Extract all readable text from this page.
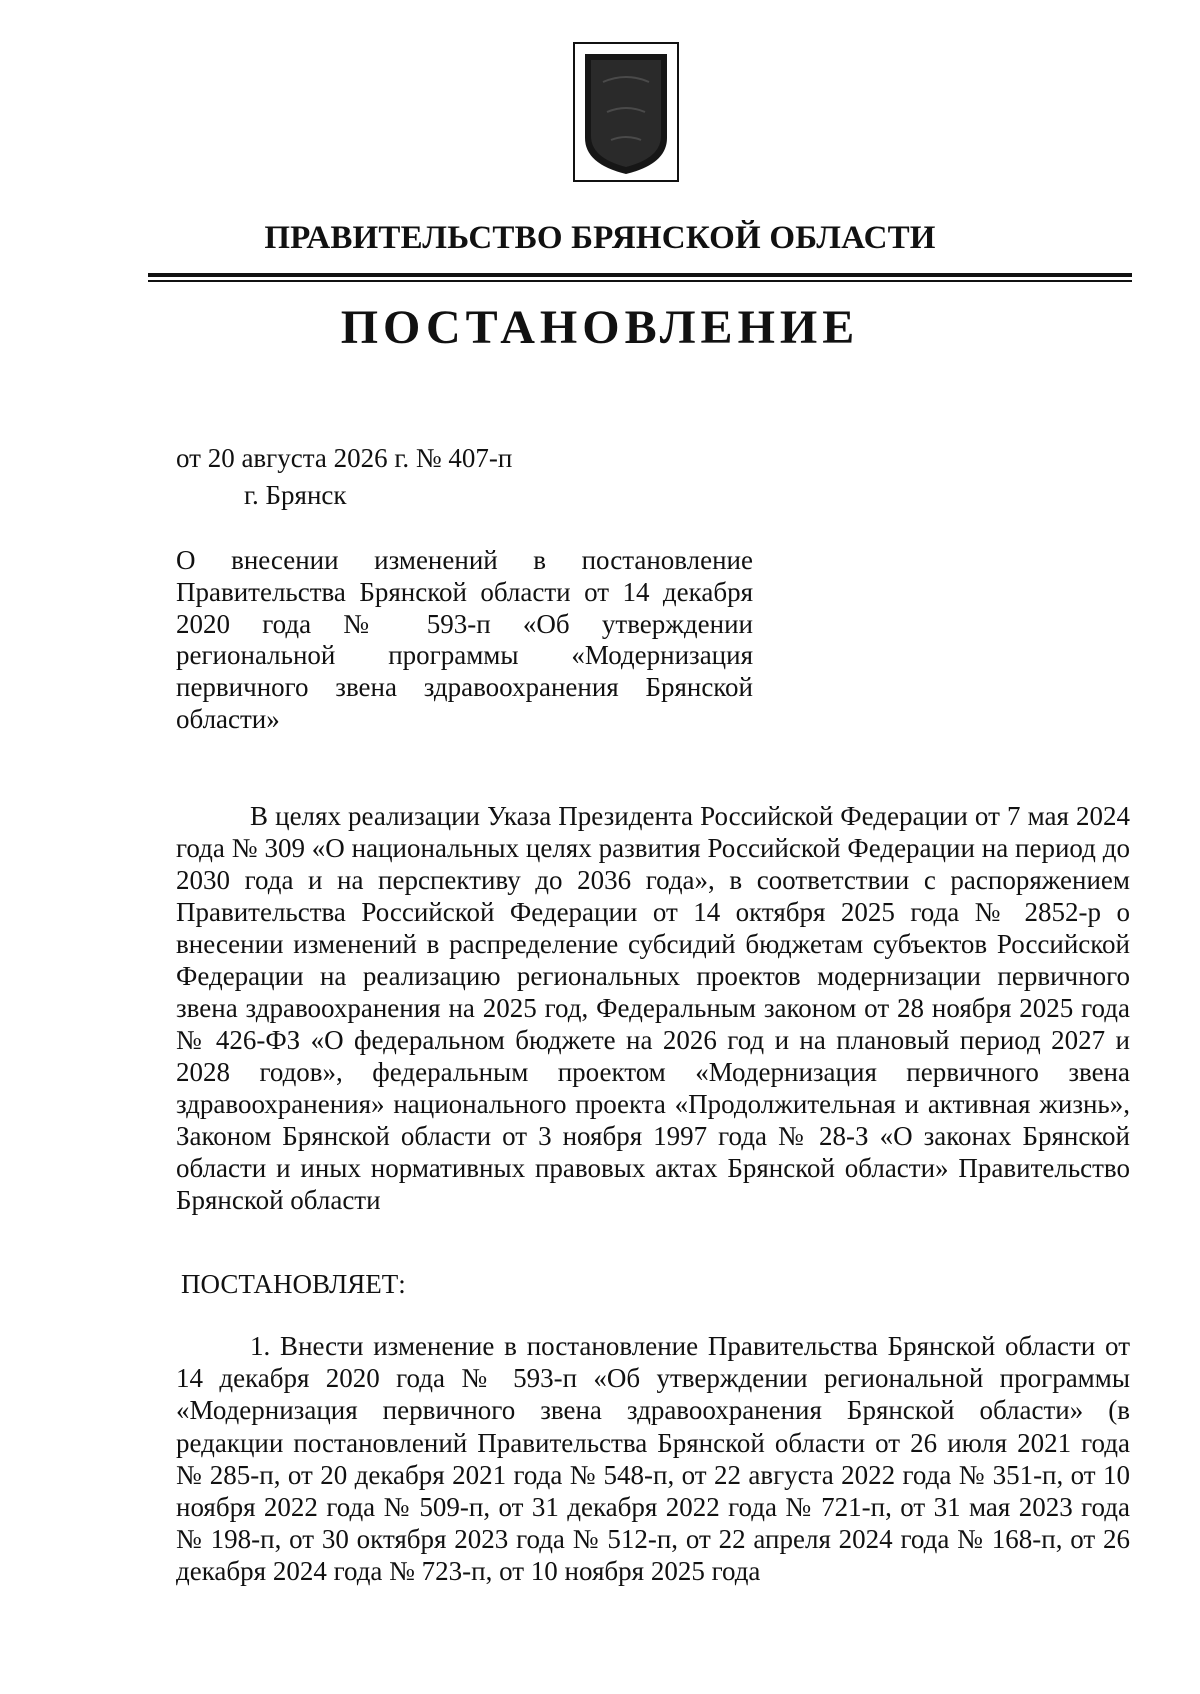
ПРАВИТЕЛЬСТВО БРЯНСКОЙ ОБЛАСТИ
ПОСТАНОВЛЕНИЕ
от 20 августа 2026 г. № 407-п
г. Брянск
О внесении изменений в постановление Правительства Брянской области от 14 декабря 2020 года № 593-п «Об утверждении региональной программы «Модернизация первичного звена здравоохранения Брянской области»

В целях реализации Указа Президента Российской Федерации от 7 мая 2024 года № 309 «О национальных целях развития Российской Федерации на период до 2030 года и на перспективу до 2036 года», в соответствии с распоряжением Правительства Российской Федерации от 14 октября 2025 года № 2852-р о внесении изменений в распределение субсидий бюджетам субъектов Российской Федерации на реализацию региональных проектов модернизации первичного звена здравоохранения на 2025 год, Федеральным законом от 28 ноября 2025 года № 426-ФЗ «О федеральном бюджете на 2026 год и на плановый период 2027 и 2028 годов», федеральным проектом «Модернизация первичного звена здравоохранения» национального проекта «Продолжительная и активная жизнь», Законом Брянской области от 3 ноября 1997 года № 28-З «О законах Брянской области и иных нормативных правовых актах Брянской области» Правительство Брянской области

ПОСТАНОВЛЯЕТ:
1. Внести изменение в постановление Правительства Брянской области от 14 декабря 2020 года № 593-п «Об утверждении региональной программы «Модернизация первичного звена здравоохранения Брянской области» (в редакции постановлений Правительства Брянской области от 26 июля 2021 года № 285-п, от 20 декабря 2021 года № 548-п, от 22 августа 2022 года № 351-п, от 10 ноября 2022 года № 509-п, от 31 декабря 2022 года № 721-п, от 31 мая 2023 года № 198-п, от 30 октября 2023 года № 512-п, от 22 апреля 2024 года № 168-п, от 26 декабря 2024 года № 723-п, от 10 ноября 2025 года
